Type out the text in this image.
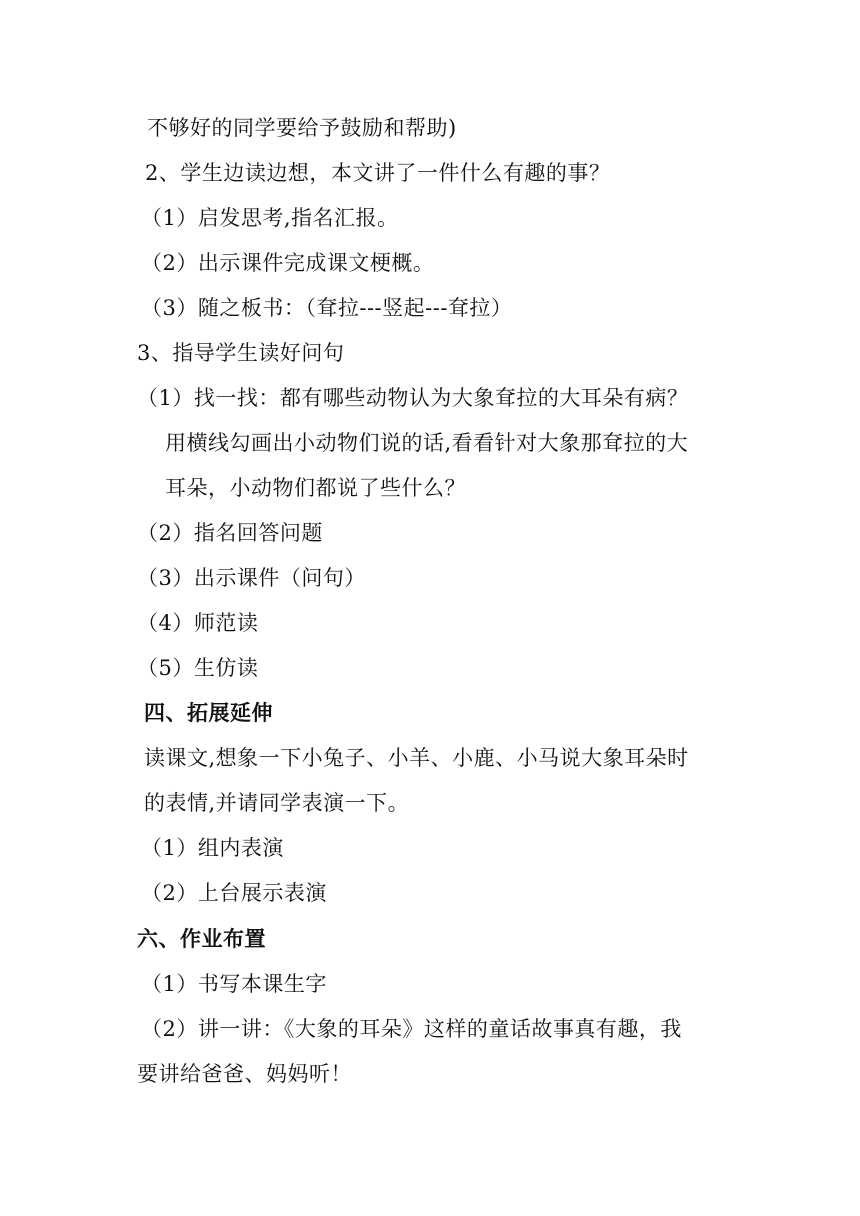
不够好的同学要给予鼓励和帮助)
2、学生边读边想，本文讲了一件什么有趣的事？
（1）启发思考,指名汇报。
（2）出示课件完成课文梗概。
（3）随之板书：（耷拉---竖起---耷拉）
3、指导学生读好问句
（1）找一找：都有哪些动物认为大象耷拉的大耳朵有病？
用横线勾画出小动物们说的话,看看针对大象那耷拉的大
耳朵，小动物们都说了些什么？
（2）指名回答问题
（3）出示课件（问句）
（4）师范读
（5）生仿读
四、拓展延伸
读课文,想象一下小兔子、小羊、小鹿、小马说大象耳朵时
的表情,并请同学表演一下。
（1）组内表演
（2）上台展示表演
六、作业布置
（1）书写本课生字
（2）讲一讲：《大象的耳朵》这样的童话故事真有趣，我
要讲给爸爸、妈妈听！
